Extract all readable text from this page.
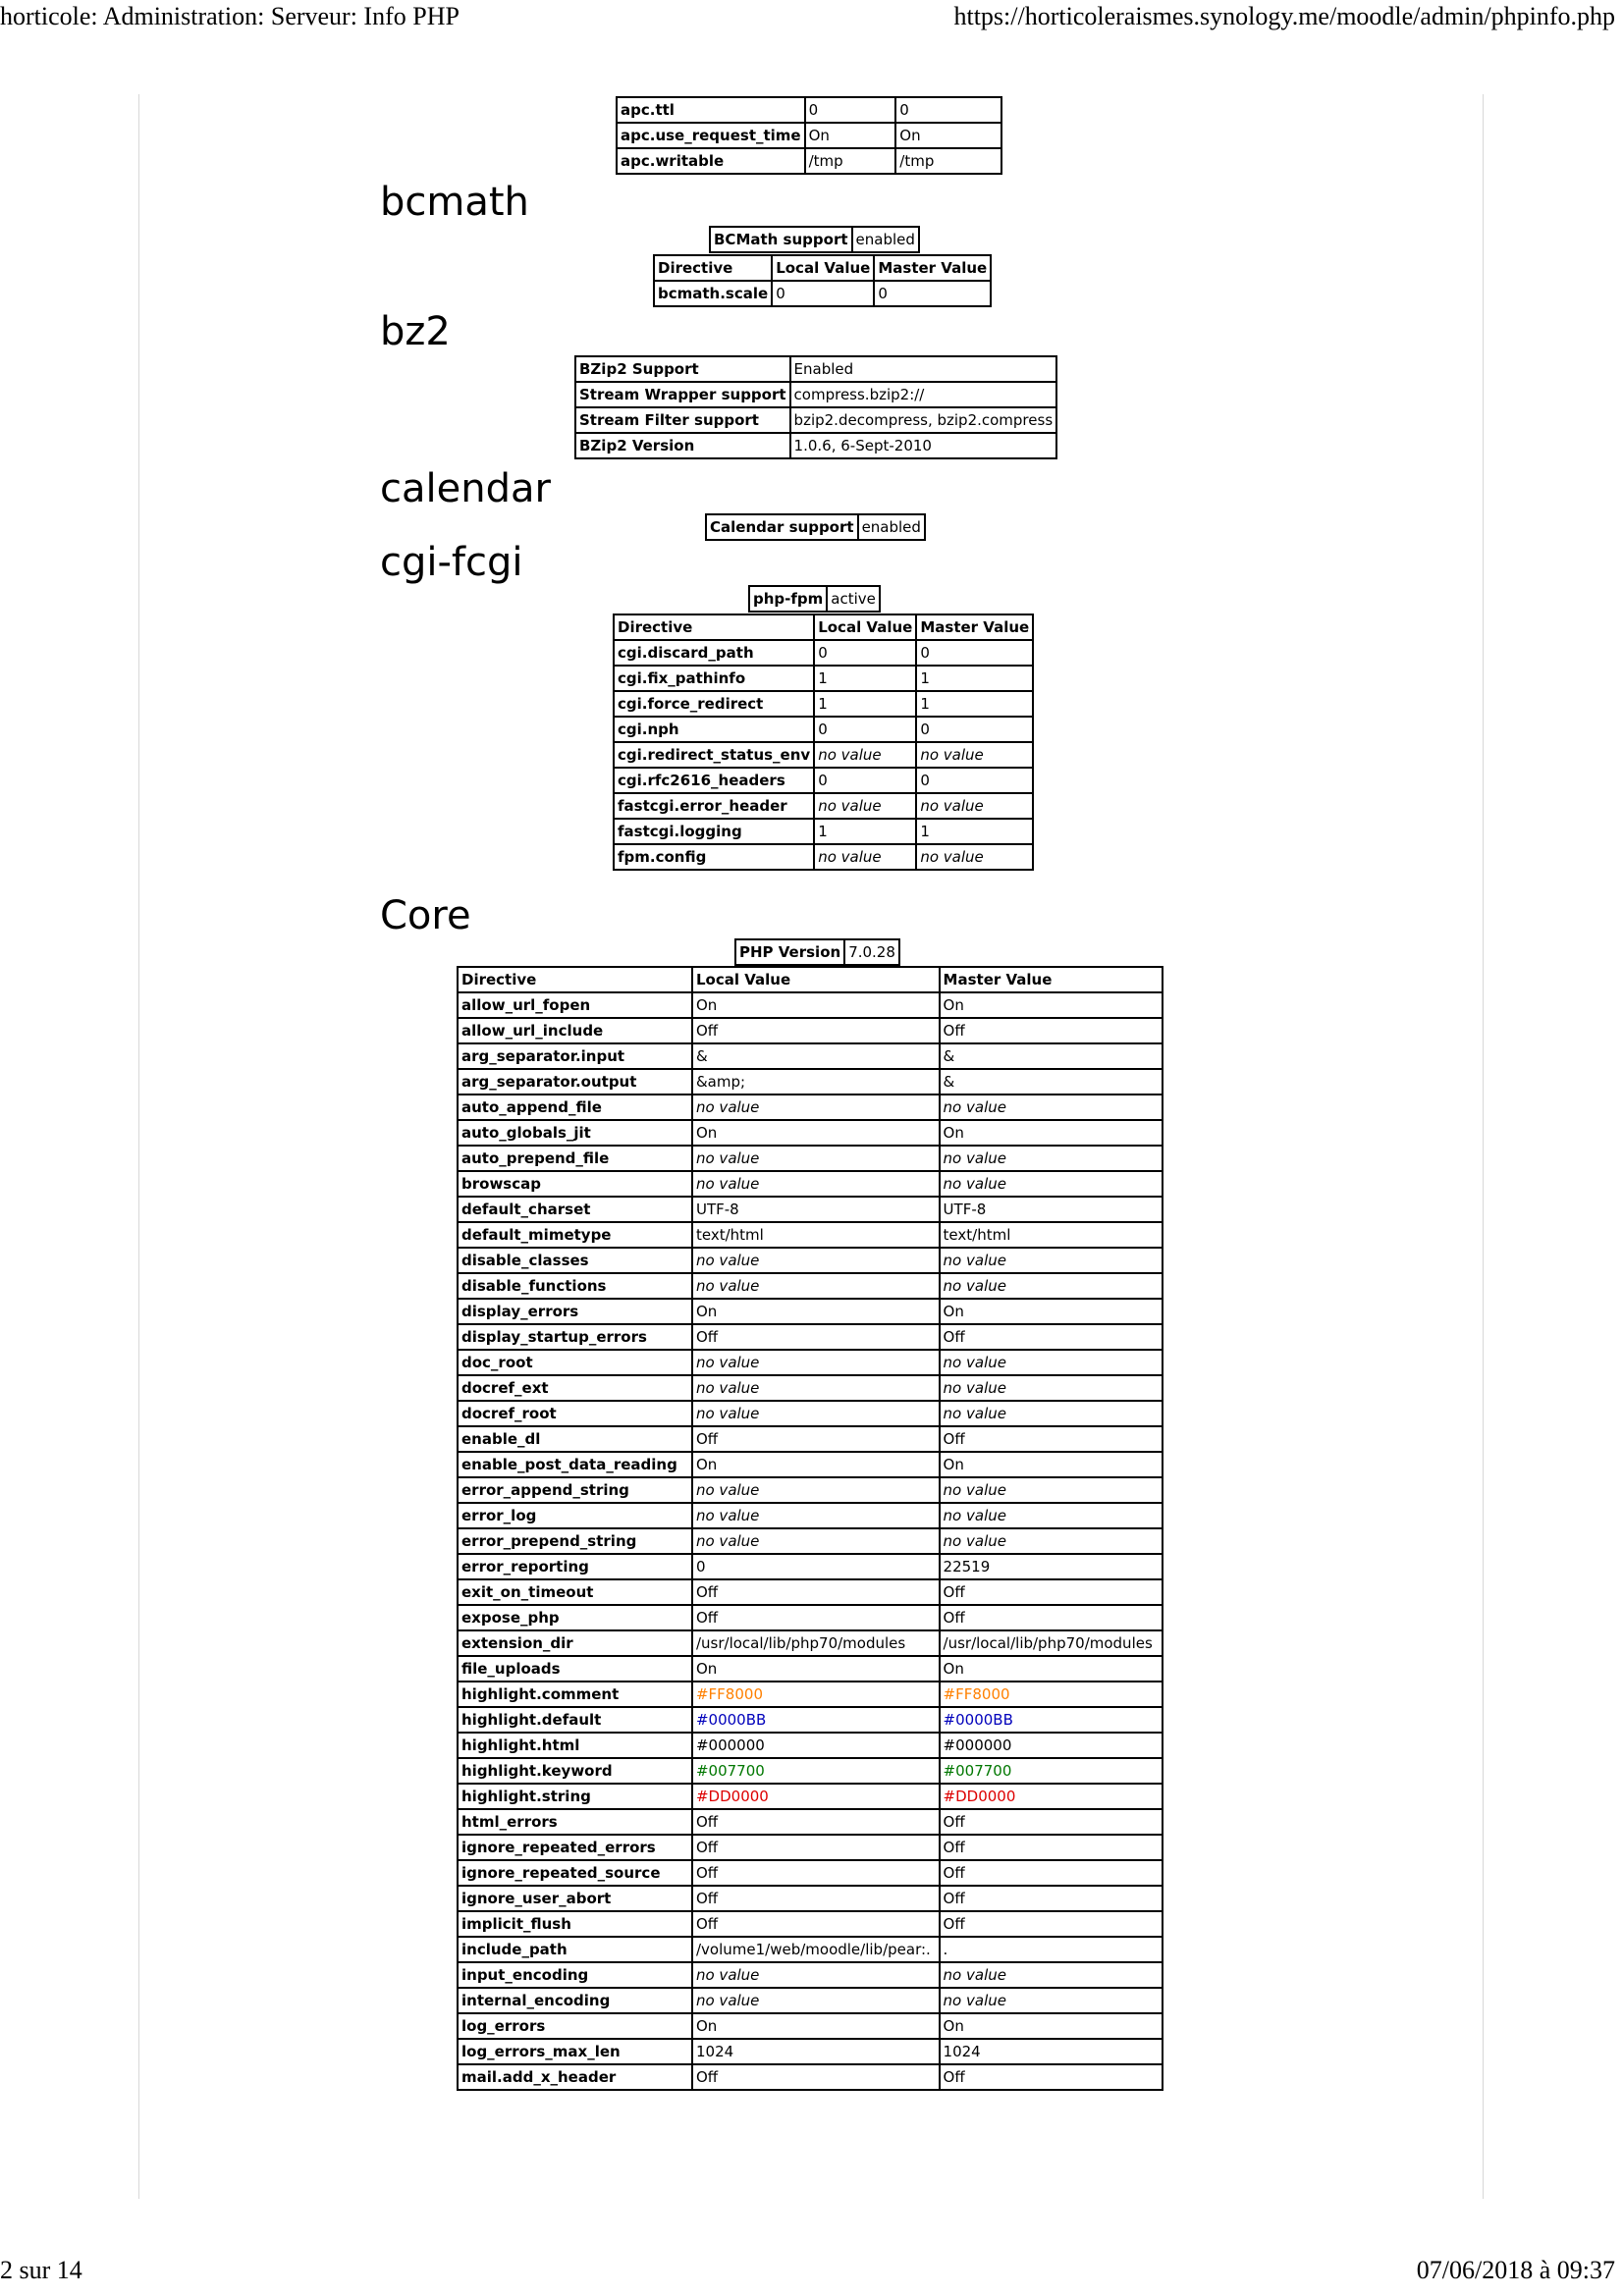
horticole: Administration: Serveur: Info PHP	https://horticoleraismes.synology.me/moodle/admin/phpinfo.php
apc.ttl	0	0
apc.use_request_time	On	On
apc.writable	/tmp	/tmp
bcmath
BCMath support	enabled
Directive	Local Value	Master Value
bcmath.scale	0	0
bz2
BZip2 Support	Enabled
Stream Wrapper support	compress.bzip2://
Stream Filter support	bzip2.decompress, bzip2.compress
BZip2 Version	1.0.6, 6-Sept-2010
calendar
Calendar support	enabled
cgi-fcgi
php-fpm	active
Directive	Local Value	Master Value
cgi.discard_path	0	0
cgi.fix_pathinfo	1	1
cgi.force_redirect	1	1
cgi.nph	0	0
cgi.redirect_status_env	no value	no value
cgi.rfc2616_headers	0	0
fastcgi.error_header	no value	no value
fastcgi.logging	1	1
fpm.config	no value	no value
Core
PHP Version	7.0.28
Directive	Local Value	Master Value
allow_url_fopen	On	On
allow_url_include	Off	Off
arg_separator.input	&	&
arg_separator.output	&amp;	&
auto_append_file	no value	no value
auto_globals_jit	On	On
auto_prepend_file	no value	no value
browscap	no value	no value
default_charset	UTF-8	UTF-8
default_mimetype	text/html	text/html
disable_classes	no value	no value
disable_functions	no value	no value
display_errors	On	On
display_startup_errors	Off	Off
doc_root	no value	no value
docref_ext	no value	no value
docref_root	no value	no value
enable_dl	Off	Off
enable_post_data_reading	On	On
error_append_string	no value	no value
error_log	no value	no value
error_prepend_string	no value	no value
error_reporting	0	22519
exit_on_timeout	Off	Off
expose_php	Off	Off
extension_dir	/usr/local/lib/php70/modules	/usr/local/lib/php70/modules
file_uploads	On	On
highlight.comment	#FF8000	#FF8000
highlight.default	#0000BB	#0000BB
highlight.html	#000000	#000000
highlight.keyword	#007700	#007700
highlight.string	#DD0000	#DD0000
html_errors	Off	Off
ignore_repeated_errors	Off	Off
ignore_repeated_source	Off	Off
ignore_user_abort	Off	Off
implicit_flush	Off	Off
include_path	/volume1/web/moodle/lib/pear:.	.
input_encoding	no value	no value
internal_encoding	no value	no value
log_errors	On	On
log_errors_max_len	1024	1024
mail.add_x_header	Off	Off
2 sur 14	07/06/2018 à 09:37
